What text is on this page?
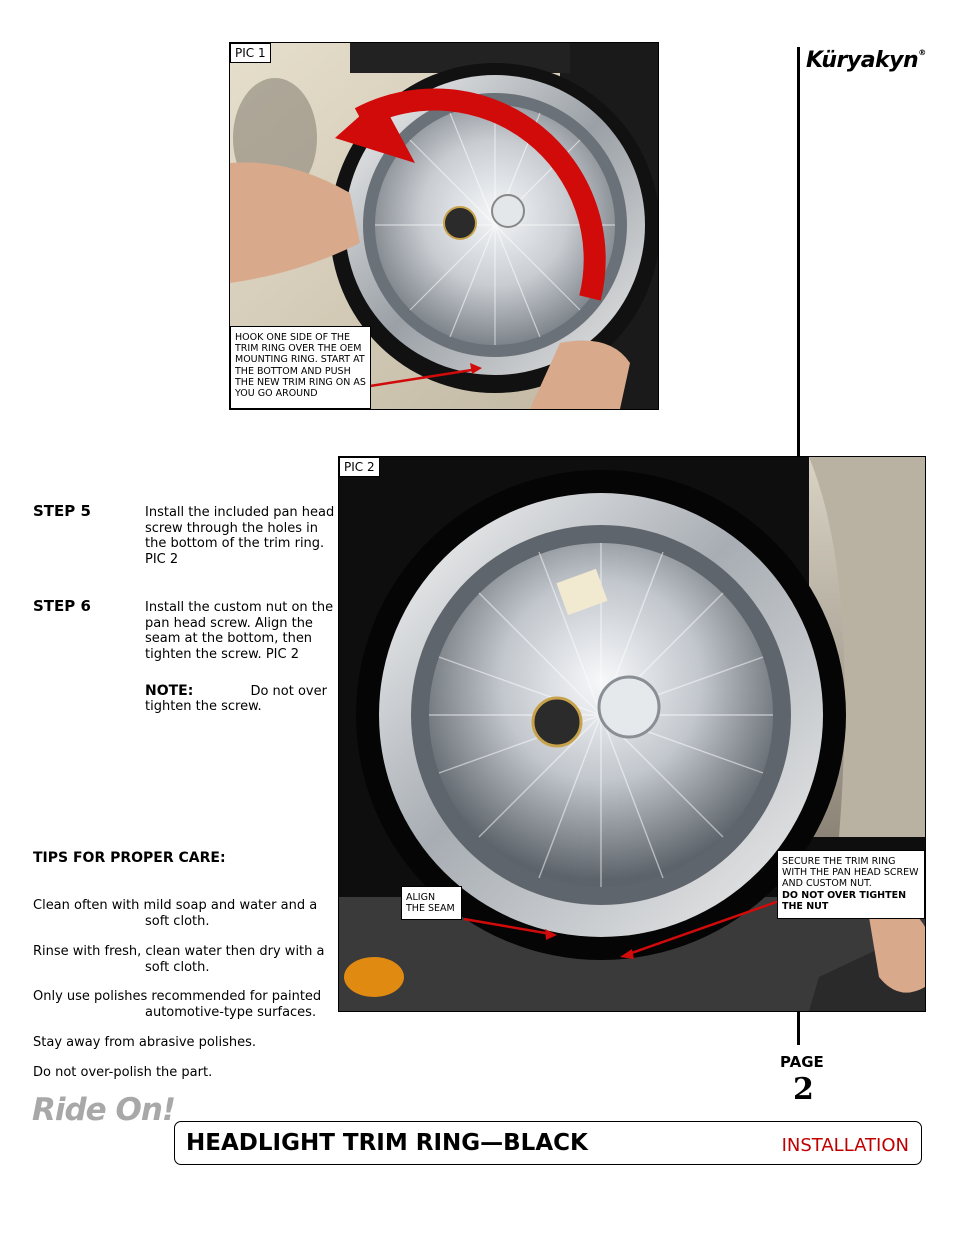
Küryakyn®
PIC 1
HOOK ONE SIDE OF THE TRIM RING OVER THE OEM MOUNTING RING. START AT THE BOTTOM AND PUSH THE NEW TRIM RING ON AS YOU GO AROUND
PIC 2
ALIGN THE SEAM
SECURE THE TRIM RING WITH THE PAN HEAD SCREW AND CUSTOM NUT.
DO NOT OVER TIGHTEN THE NUT
STEP 5	Install the included pan head screw through the holes in the bottom of the trim ring. PIC 2
STEP 6	Install the custom nut on the pan head screw. Align the seam at the bottom, then tighten the screw. PIC 2
NOTE:	Do not over
tighten the screw.
TIPS FOR PROPER CARE:
Clean often with mild soap and water and a
soft cloth.
Rinse with fresh, clean water then dry with a
soft cloth.
Only use polishes recommended for painted
automotive-type surfaces.
Stay away from abrasive polishes.
Do not over-polish the part.
PAGE
2
Ride On!
HEADLIGHT TRIM RING—BLACK	INSTALLATION
